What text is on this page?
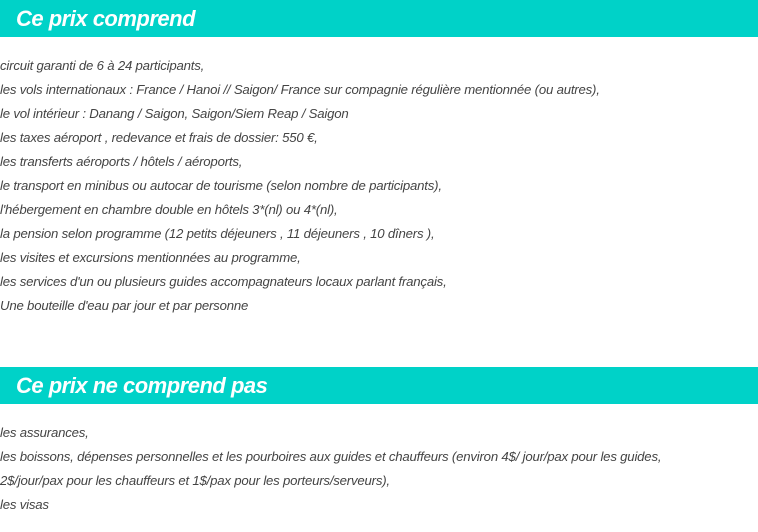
Ce prix comprend
circuit garanti de 6 à 24 participants,
les vols internationaux : France / Hanoi // Saigon/ France sur compagnie régulière mentionnée (ou autres),
le vol intérieur : Danang / Saigon, Saigon/Siem Reap / Saigon
les taxes aéroport , redevance et frais de dossier: 550 €,
les transferts aéroports / hôtels / aéroports,
le transport en minibus ou autocar de tourisme (selon nombre de participants),
l'hébergement en chambre double en hôtels 3*(nl) ou 4*(nl),
la pension selon programme (12 petits déjeuners , 11 déjeuners , 10 dîners ),
les visites et excursions mentionnées au programme,
les services d'un ou plusieurs guides accompagnateurs locaux parlant français,
Une bouteille d'eau par jour et par personne
Ce prix ne comprend pas
les assurances,
les boissons, dépenses personnelles et les pourboires aux guides et chauffeurs (environ 4$/ jour/pax pour les guides,
2$/jour/pax pour les chauffeurs et 1$/pax pour les porteurs/serveurs),
les visas
